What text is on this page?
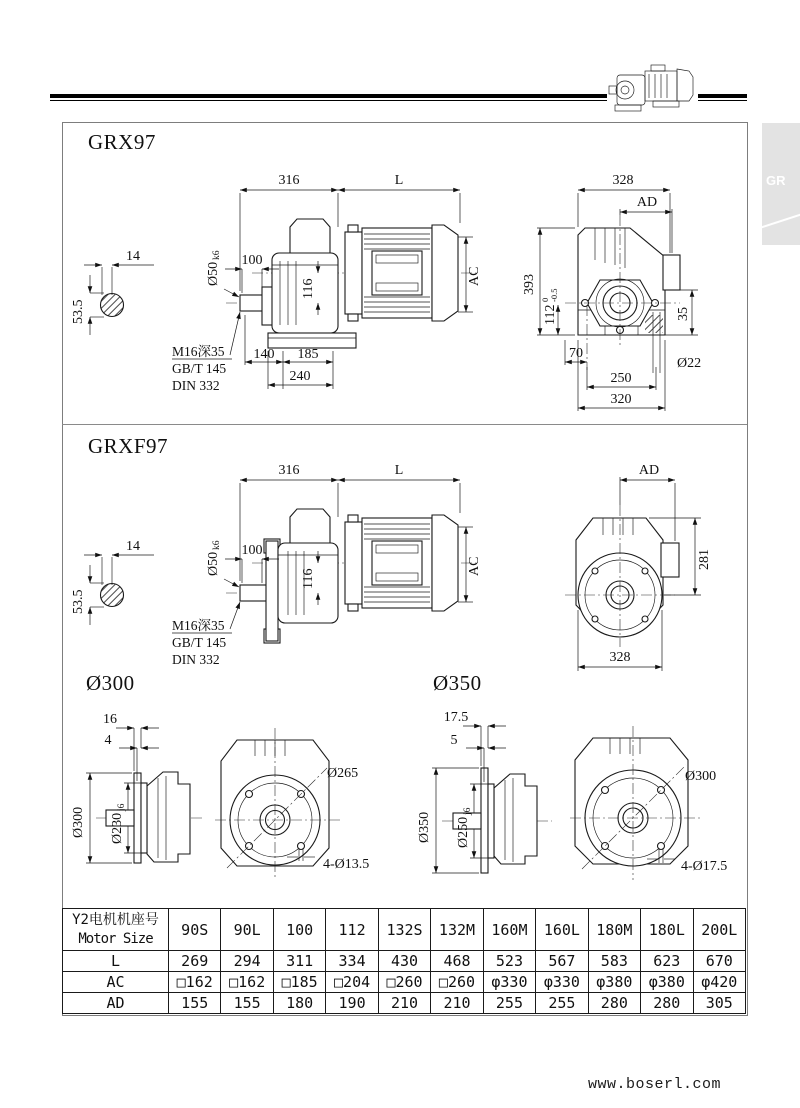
GR
GRX97
GRXF97
Ø300	Ø350
14
53.5
316	L
100
Ø50
k6
116
AC
140 185
240
M16深35
GB/T 145
DIN 332
328
AD
393
112
0 -0.5
35
70
Ø22
250
320
14
53.5
316	L
100
Ø50
k6
116
AC
M16深35
GB/T 145
DIN 332
AD
281
328
16
4
Ø300 Ø230
j6
Ø265
4-Ø13.5
17.5
5
Ø350 Ø250
j6
Ø300
4-Ø17.5
Y2电机机座号
Motor Size	90S	90L	100	112	132S	132M	160M	160L	180M	180L	200L
L	269	294	311	334	430	468	523	567	583	623	670
AC	□162	□162	□185	□204	□260	□260	φ330	φ330	φ380	φ380	φ420
AD	155	155	180	190	210	210	255	255	280	280	305
www.boserl.com
